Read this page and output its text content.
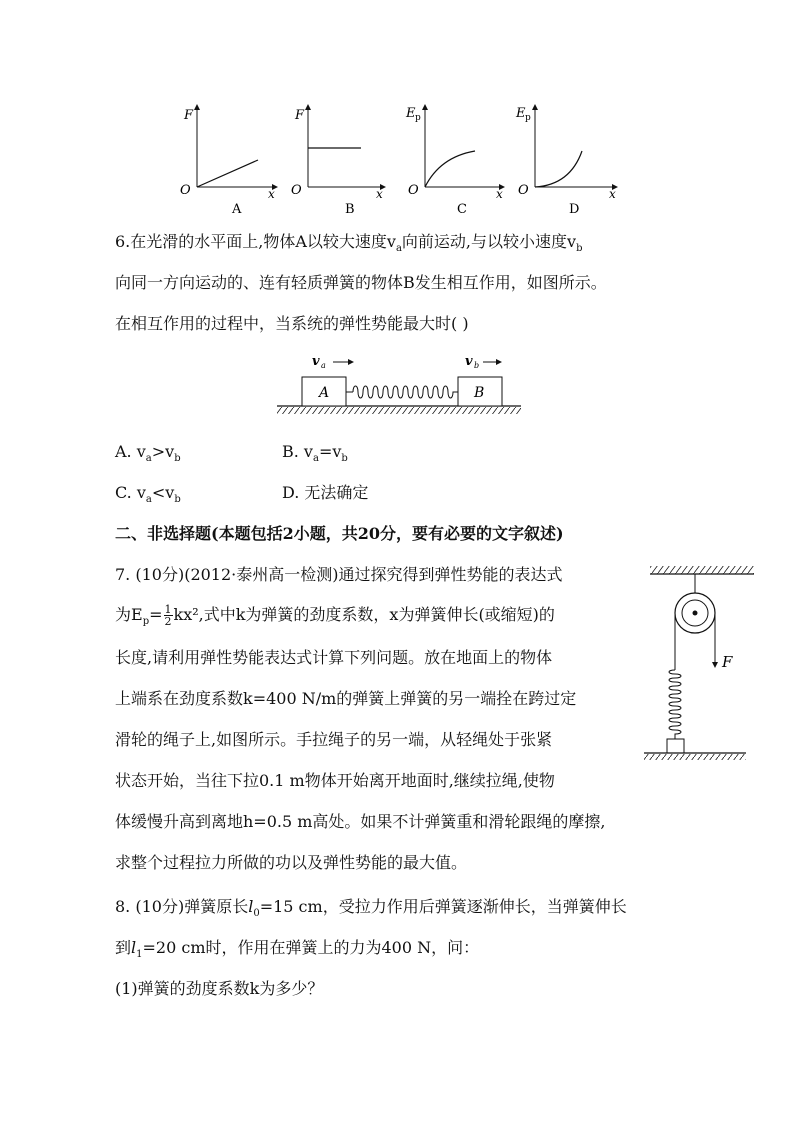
F
O	x
A
F
O	x
B
E p
O	x
C
E p
O	x
D
6.在光滑的水平面上,物体A以较大速度$v_a$向前运动,与以较小速度$v_b$
向同一方向运动的、连有轻质弹簧的物体B发生相互作用，如图所示。
在相互作用的过程中，当系统的弹性势能最大时( )
A	B
v a	v b
A. $v_a>v_b$	B. $v_a=v_b$
C. $v_a<v_b$	D. 无法确定
二、非选择题(本题包括2小题，共20分，要有必要的文字叙述)
7. (10分)(2012·泰州高一检测)通过探究得到弹性势能的表达式
为$E_p= \frac{1}{2} kx^2$,式中k为弹簧的劲度系数，x为弹簧伸长(或缩短)的
长度,请利用弹性势能表达式计算下列问题。放在地面上的物体
上端系在劲度系数k=400 N/m的弹簧上弹簧的另一端拴在跨过定
滑轮的绳子上,如图所示。手拉绳子的另一端，从轻绳处于张紧
状态开始，当往下拉0.1 m物体开始离开地面时,继续拉绳,使物
体缓慢升高到离地h=0.5 m高处。如果不计弹簧重和滑轮跟绳的摩擦,
求整个过程拉力所做的功以及弹性势能的最大值。
F
8. (10分)弹簧原长$l_0=15$ cm，受拉力作用后弹簧逐渐伸长，当弹簧伸长
到$l_1=20$ cm时，作用在弹簧上的力为400 N，问：
(1)弹簧的劲度系数k为多少？
